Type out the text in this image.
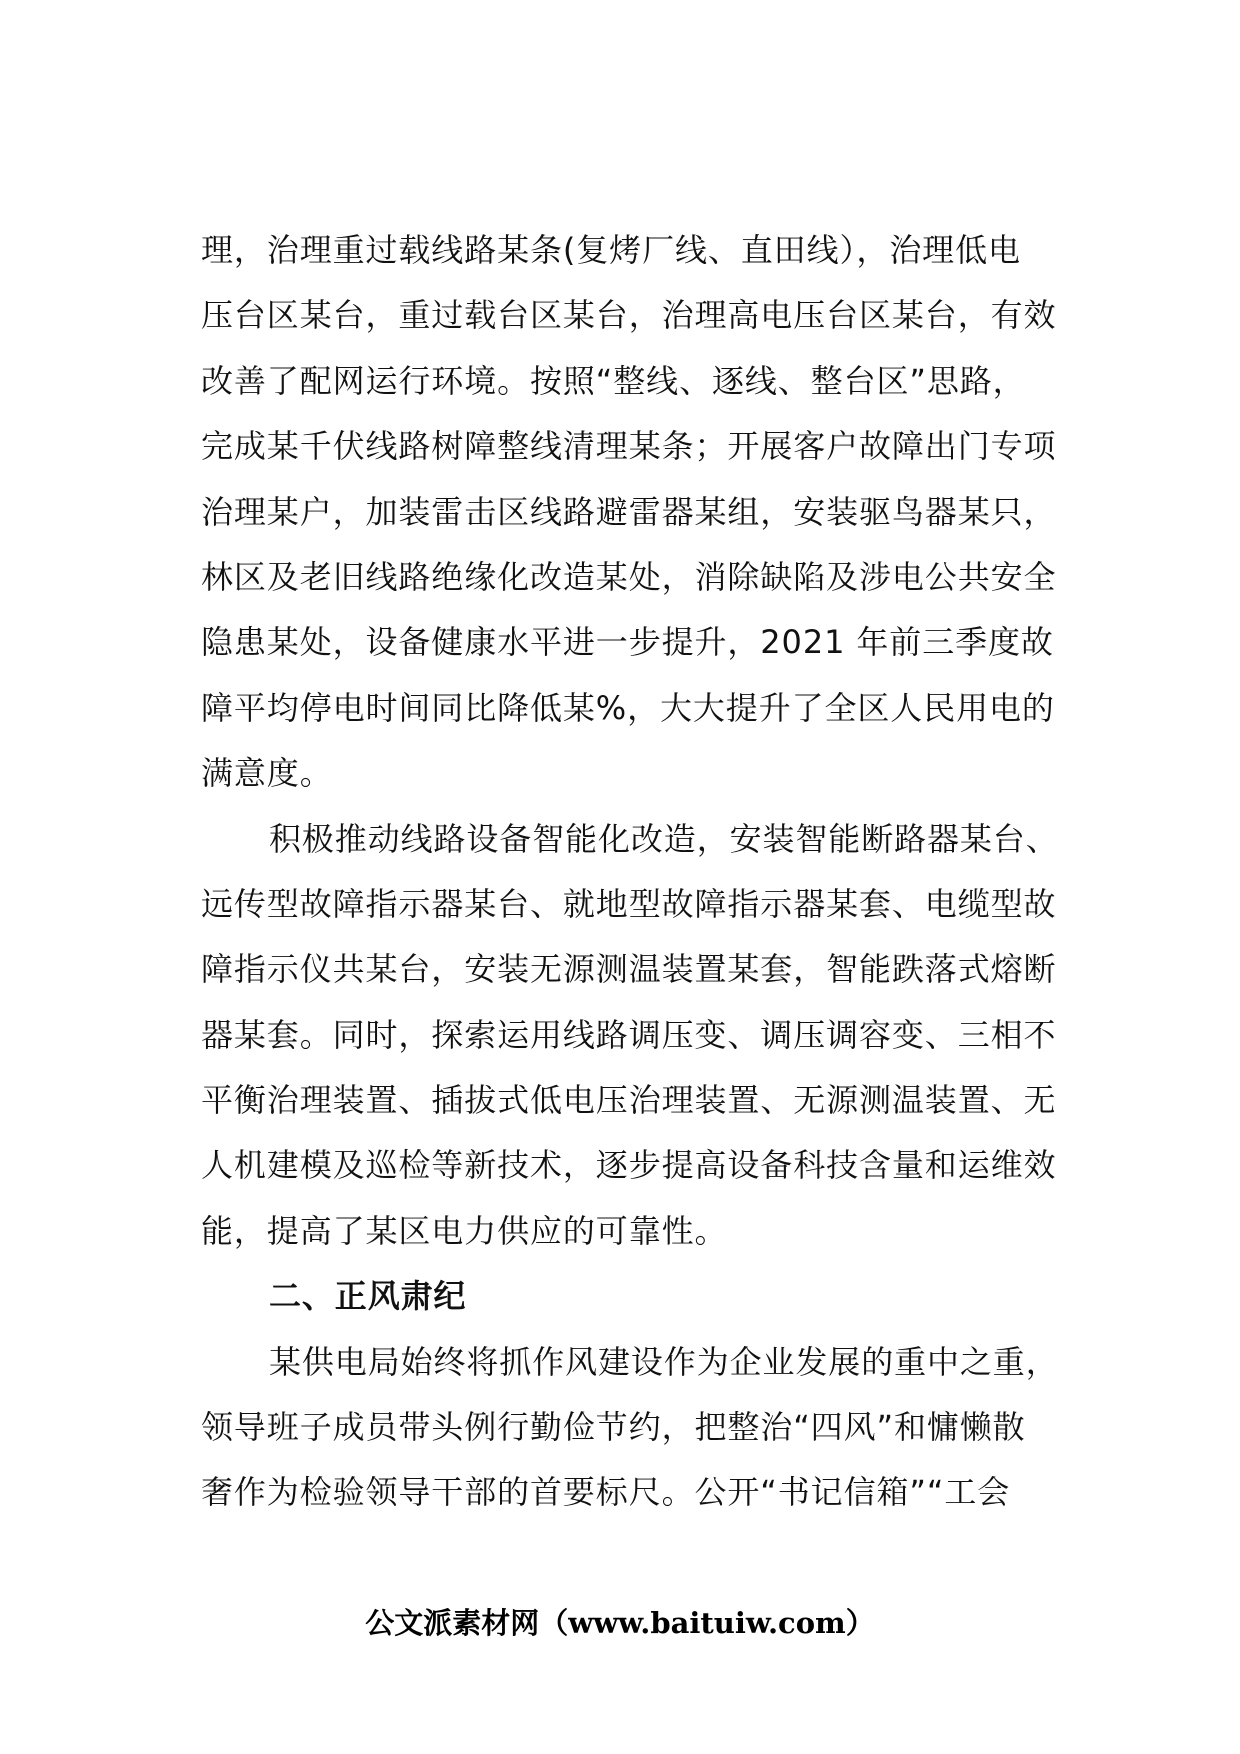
理，治理重过载线路某条(复烤厂线、直田线），治理低电
压台区某台，重过载台区某台，治理高电压台区某台，有效
改善了配网运行环境。按照“整线、逐线、整台区”思路，
完成某千伏线路树障整线清理某条；开展客户故障出门专项
治理某户，加装雷击区线路避雷器某组，安装驱鸟器某只，
林区及老旧线路绝缘化改造某处，消除缺陷及涉电公共安全
隐患某处，设备健康水平进一步提升，2021 年前三季度故
障平均停电时间同比降低某%，大大提升了全区人民用电的
满意度。
积极推动线路设备智能化改造，安装智能断路器某台、
远传型故障指示器某台、就地型故障指示器某套、电缆型故
障指示仪共某台，安装无源测温装置某套，智能跌落式熔断
器某套。同时，探索运用线路调压变、调压调容变、三相不
平衡治理装置、插拔式低电压治理装置、无源测温装置、无
人机建模及巡检等新技术，逐步提高设备科技含量和运维效
能，提高了某区电力供应的可靠性。
二、正风肃纪
某供电局始终将抓作风建设作为企业发展的重中之重，
领导班子成员带头例行勤俭节约，把整治“四风”和慵懒散
奢作为检验领导干部的首要标尺。公开“书记信箱”“工会
公文派素材网（www.baituiw.com）
